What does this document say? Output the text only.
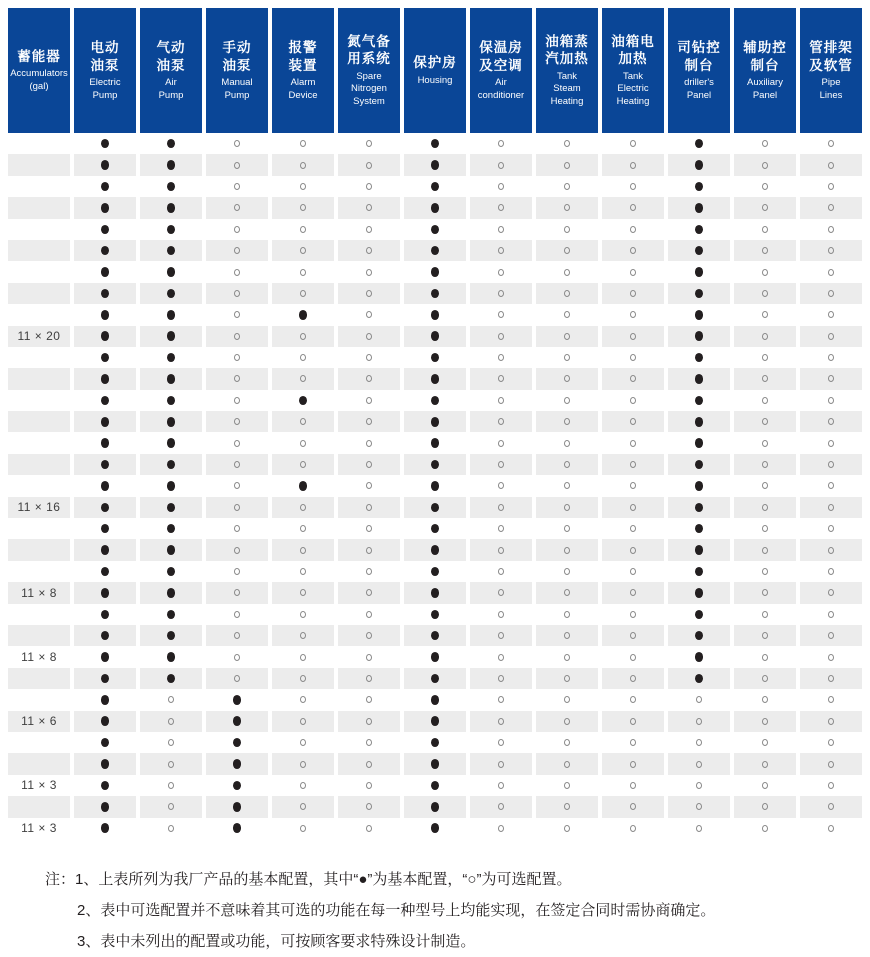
蓄能器
Accumulators
(gal)
电动
油泵
Electric
Pump
气动
油泵
Air
Pump
手动
油泵
Manual
Pump
报警
装置
Alarm
Device
氮气备
用系统
Spare
Nitrogen
System
保护房
Housing
保温房
及空调
Air
conditioner
油箱蒸
汽加热
Tank
Steam
Heating
油箱电
加热
Tank
Electric
Heating
司钻控
制台
driller's
Panel
辅助控
制台
Auxiliary
Panel
管排架
及软管
Pipe
Lines
11 × 20
11 × 16
11 × 8
11 × 8
11 × 6
11 × 3
11 × 3
注：1、上表所列为我厂产品的基本配置，其中“●”为基本配置，“○”为可选配置。
2、表中可选配置并不意味着其可选的功能在每一种型号上均能实现，在签定合同时需协商确定。
3、表中未列出的配置或功能，可按顾客要求特殊设计制造。
